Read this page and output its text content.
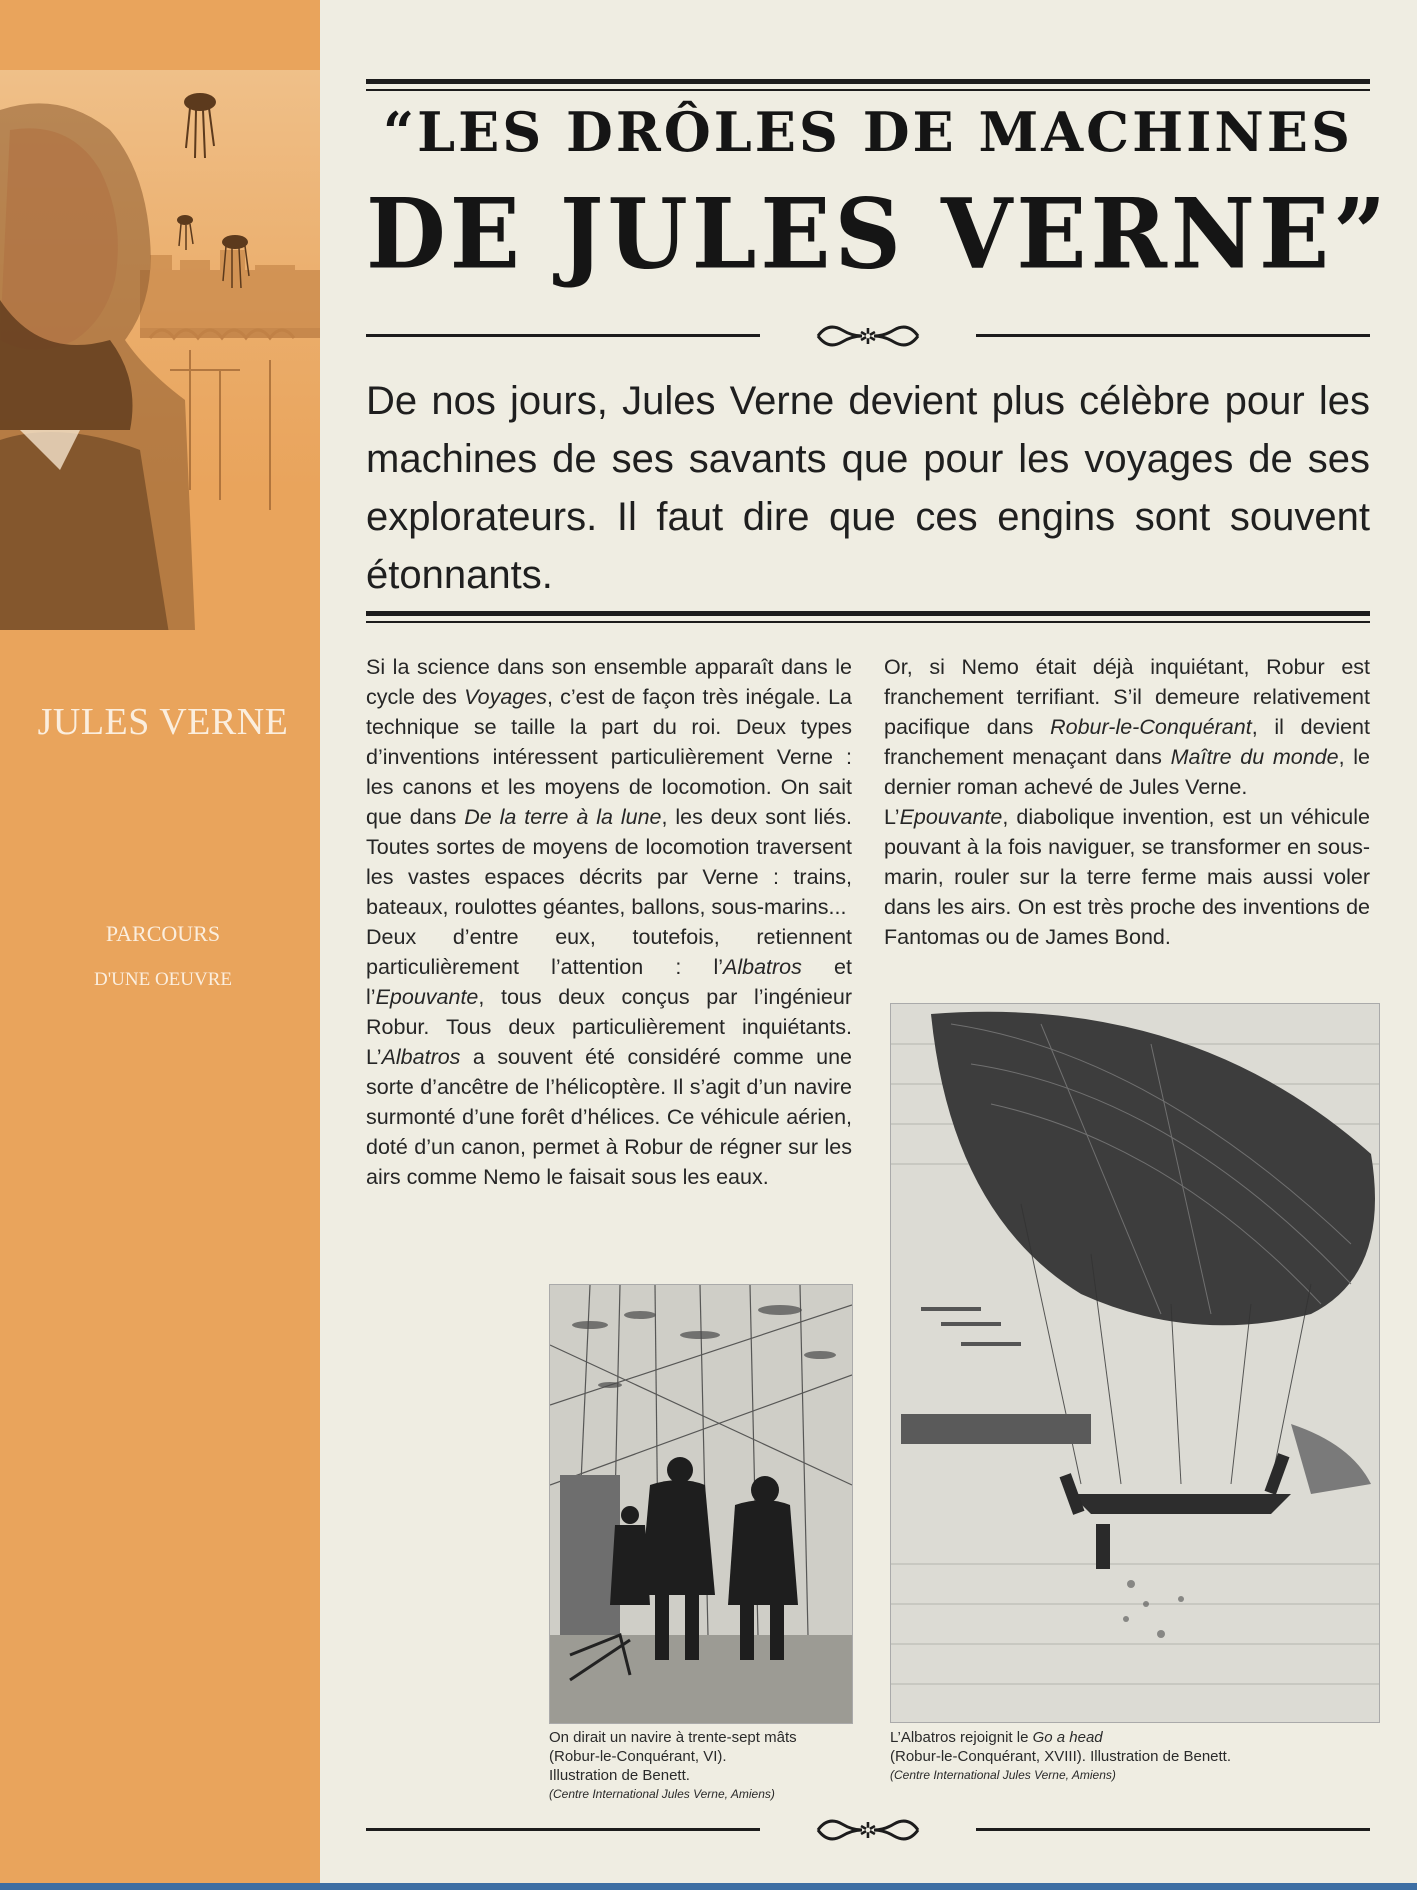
JULES VERNE
PARCOURS
D'UNE OEUVRE
“LES DRÔLES DE MACHINES
DE JULES VERNE”
✲
De nos jours, Jules Verne devient plus célèbre pour les machines de ses savants que pour les voyages de ses explorateurs. Il faut dire que ces engins sont souvent étonnants.

Si la science dans son ensemble apparaît dans le cycle des Voyages, c’est de façon très inégale. La technique se taille la part du roi. Deux types d’inventions intéressent particulièrement Verne : les canons et les moyens de locomotion. On sait que dans De la terre à la lune, les deux sont liés. Toutes sortes de moyens de locomotion traversent les vastes espaces décrits par Verne : trains, bateaux, roulottes géantes, ballons, sous-marins...

Deux d’entre eux, toutefois, retiennent particulièrement l’attention : l’Albatros et l’Epouvante, tous deux conçus par l’ingénieur Robur. Tous deux particulièrement inquiétants. L’Albatros a souvent été considéré comme une sorte d’ancêtre de l’hélicoptère. Il s’agit d’un navire surmonté d’une forêt d’hélices. Ce véhicule aérien, doté d’un canon, permet à Robur de régner sur les airs comme Nemo le faisait sous les eaux.

Or, si Nemo était déjà inquiétant, Robur est franchement terrifiant. S’il demeure relativement pacifique dans Robur-le-Conquérant, il devient franchement menaçant dans Maître du monde, le dernier roman achevé de Jules Verne.

L’Epouvante, diabolique invention, est un véhicule pouvant à la fois naviguer, se transformer en sous-marin, rouler sur la terre ferme mais aussi voler dans les airs. On est très proche des inventions de Fantomas ou de James Bond.

On dirait un navire à trente-sept mâts
(Robur-le-Conquérant, VI).
Illustration de Benett.
(Centre International Jules Verne, Amiens)
L’Albatros rejoignit le Go a head
(Robur-le-Conquérant, XVIII). Illustration de Benett.
(Centre International Jules Verne, Amiens)
✲
